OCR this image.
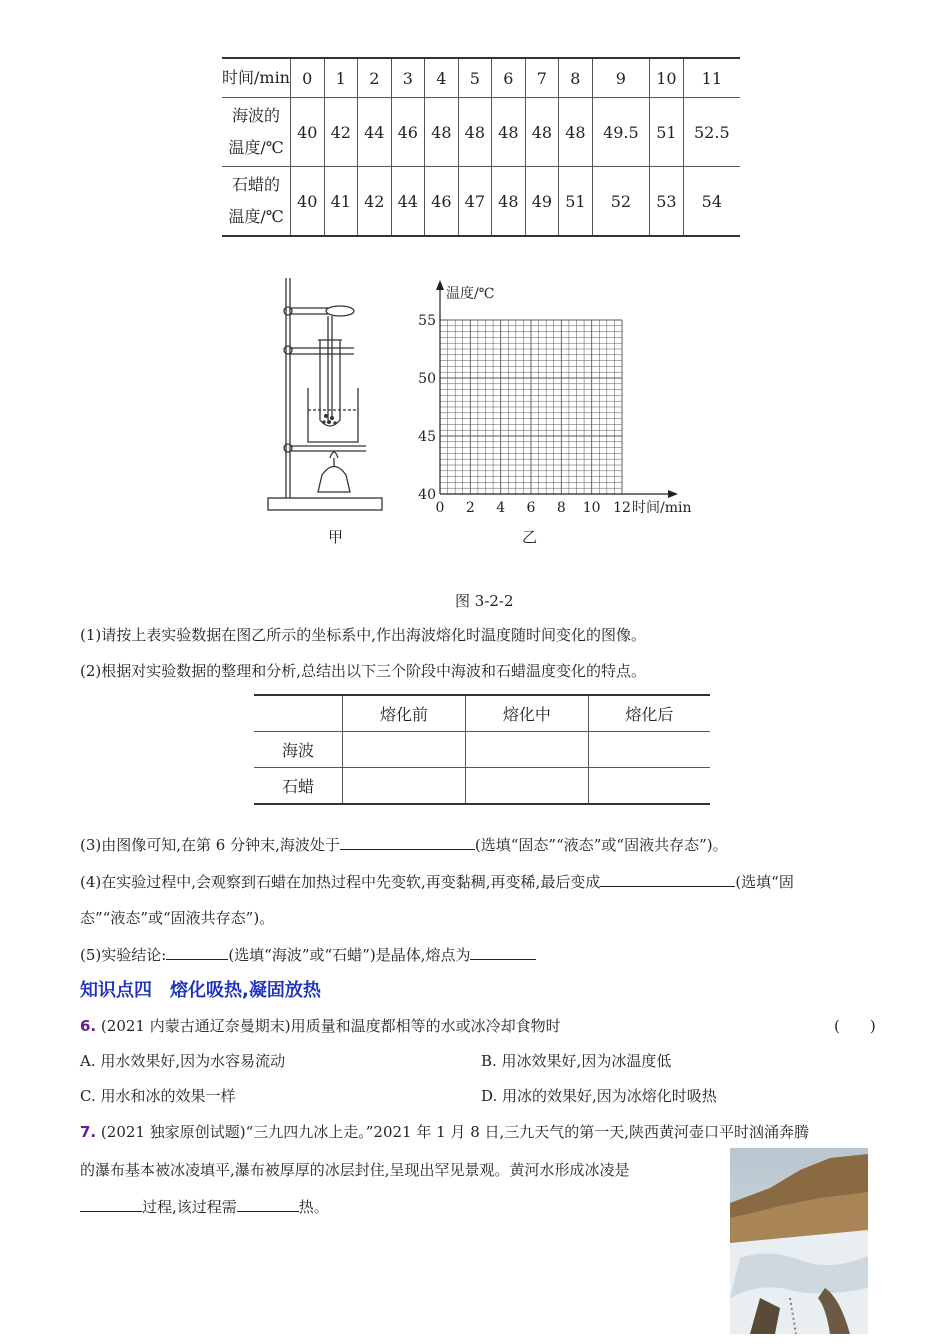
时间/min	0	1	2	3	4	5	6	7	8	9	10	11

海波的
温度/℃	40	42	44	46	48	48	48	48	48	49.5	51	52.5

石蜡的
温度/℃	40	41	42	44	46	47	48	49	51	52	53	54
甲
0 2 4 6 8 10 12
40
45
50
55
温度/℃
时间/min
乙
图 3-2-2
(1)请按上表实验数据在图乙所示的坐标系中,作出海波熔化时温度随时间变化的图像。
(2)根据对实验数据的整理和分析,总结出以下三个阶段中海波和石蜡温度变化的特点。
	熔化前	熔化中	熔化后
海波			
石蜡			
(3)由图像可知,在第 6 分钟末,海波处于	(选填“固态”“液态”或“固液共存态”)。
(4)在实验过程中,会观察到石蜡在加热过程中先变软,再变黏稠,再变稀,最后变成	(选填“固
态”“液态”或“固液共存态”)。
(5)实验结论:	(选填“海波”或“石蜡”)是晶体,熔点为
知识点四　熔化吸热,凝固放热
6. (2021 内蒙古通辽奈曼期末)用质量和温度都相等的水或冰冷却食物时	(　　)
A. 用水效果好,因为水容易流动	B. 用冰效果好,因为冰温度低
C. 用水和冰的效果一样	D. 用冰的效果好,因为冰熔化时吸热
7. (2021 独家原创试题)“三九四九冰上走。”2021 年 1 月 8 日,三九天气的第一天,陕西黄河壶口平时汹涌奔腾
的瀑布基本被冰凌填平,瀑布被厚厚的冰层封住,呈现出罕见景观。黄河水形成冰凌是
过程,该过程需	热。
